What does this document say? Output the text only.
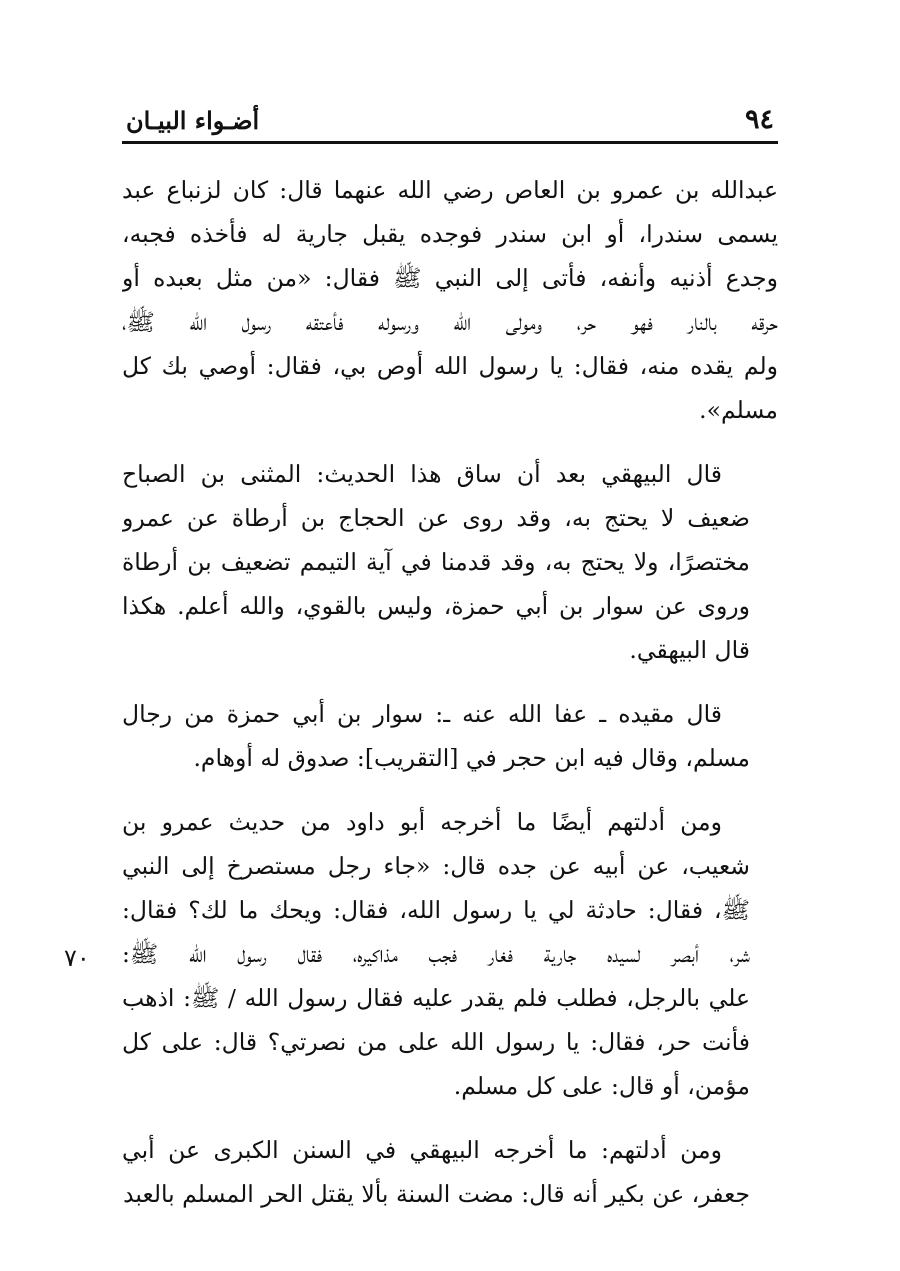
٩٤
أضـواء البيـان
٧٠

عبدالله بن عمرو بن العاص رضي الله عنهما قال: كان لزنباع عبد
يسمى سندرا، أو ابن سندر فوجده يقبل جارية له فأخذه فجبه،
وجدع أذنيه وأنفه، فأتى إلى النبي ﷺ فقال: «من مثل بعبده أو
حرقه بالنار فهو حر، ومولى الله ورسوله فأعتقه رسول الله ﷺ،
ولم يقده منه، فقال: يا رسول الله أوص بي، فقال: أوصي بك كل
مسلم».

قال البيهقي بعد أن ساق هذا الحديث: المثنى بن الصباح
ضعيف لا يحتج به، وقد روى عن الحجاج بن أرطاة عن عمرو
مختصرًا، ولا يحتج به، وقد قدمنا في آية التيمم تضعيف بن أرطاة
وروى عن سوار بن أبي حمزة، وليس بالقوي، والله أعلم. هكذا
قال البيهقي.

قال مقيده ـ عفا الله عنه ـ: سوار بن أبي حمزة من رجال
مسلم، وقال فيه ابن حجر في [التقريب]: صدوق له أوهام.

ومن أدلتهم أيضًا ما أخرجه أبو داود من حديث عمرو بن
شعيب، عن أبيه عن جده قال: «جاء رجل مستصرخ إلى النبي
ﷺ، فقال: حادثة لي يا رسول الله، فقال: ويحك ما لك؟ فقال:
شر، أبصر لسيده جارية فغار فجب مذاكيره، فقال رسول الله ﷺ:
علي بالرجل، فطلب فلم يقدر عليه فقال رسول الله / ﷺ: اذهب
فأنت حر، فقال: يا رسول الله على من نصرتي؟ قال: على كل
مؤمن، أو قال: على كل مسلم.

ومن أدلتهم: ما أخرجه البيهقي في السنن الكبرى عن أبي
جعفر، عن بكير أنه قال: مضت السنة بألا يقتل الحر المسلم بالعبد
